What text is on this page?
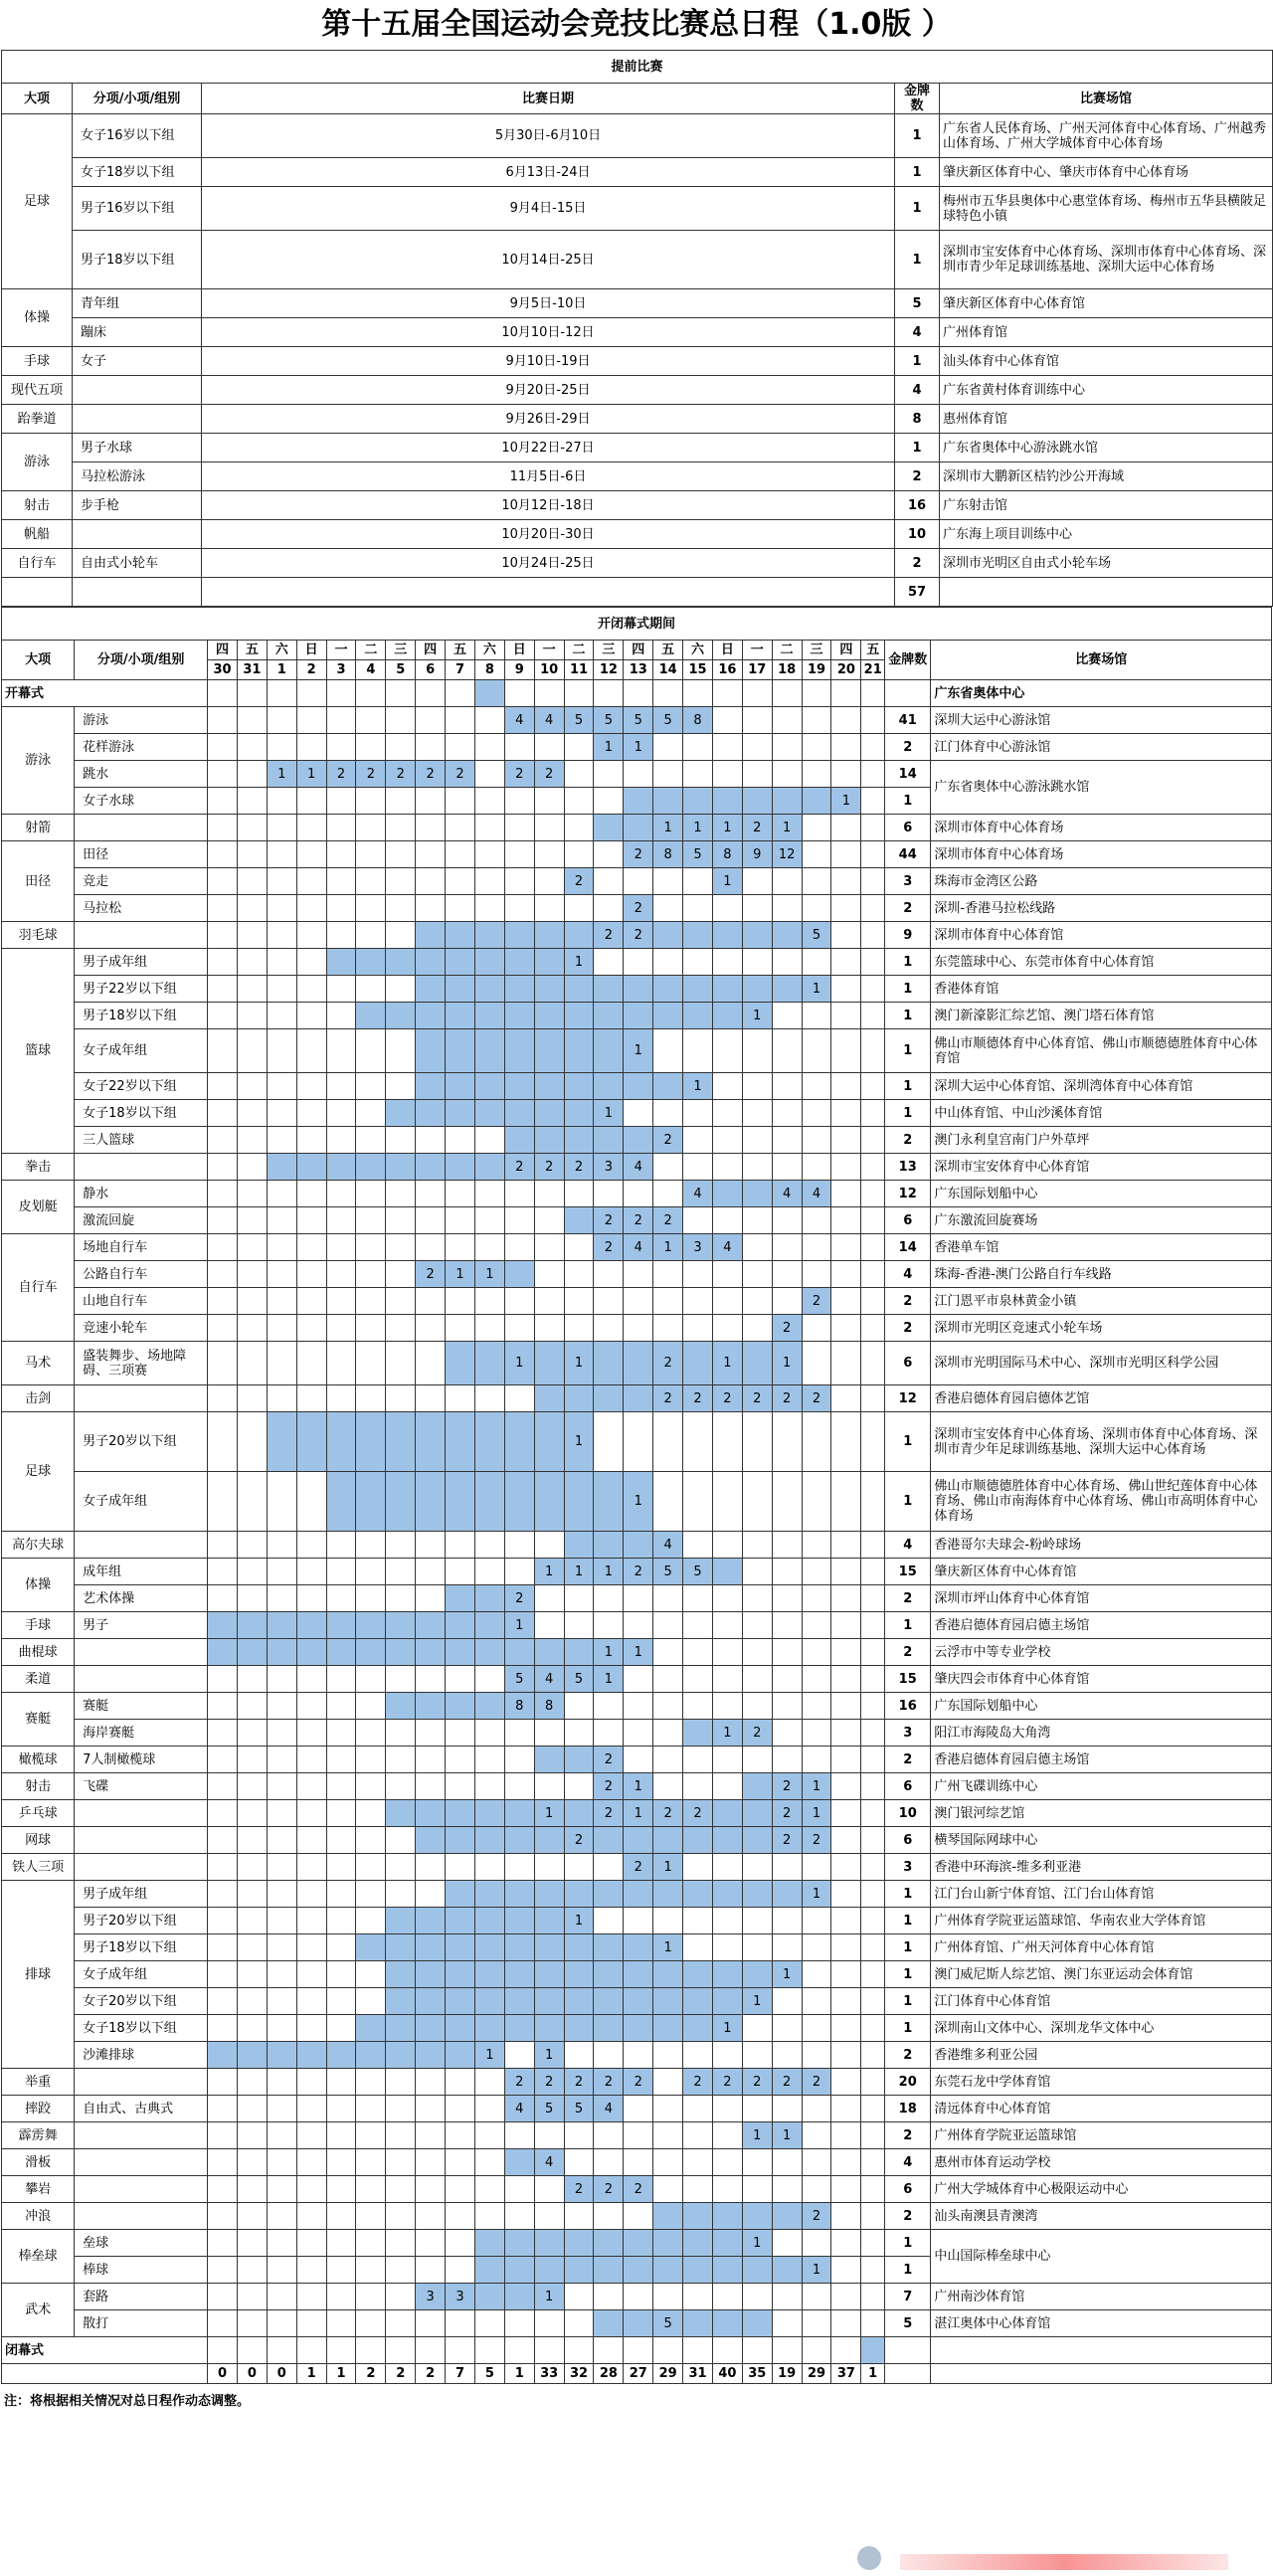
第十五届全国运动会竞技比赛总日程（1.0版 ）
提前比赛				
大项	分项/小项/组别	比赛日期	金牌数	比赛场馆
足球	女子16岁以下组	5月30日-6月10日	1	广东省人民体育场、广州天河体育中心体育场、广州越秀山体育场、广州大学城体育中心体育场
	女子18岁以下组	6月13日-24日	1	肇庆新区体育中心、肇庆市体育中心体育场
	男子16岁以下组	9月4日-15日	1	梅州市五华县奥体中心惠堂体育场、梅州市五华县横陂足球特色小镇
	男子18岁以下组	10月14日-25日	1	深圳市宝安体育中心体育场、深圳市体育中心体育场、深圳市青少年足球训练基地、深圳大运中心体育场
体操	青年组	9月5日-10日	5	肇庆新区体育中心体育馆
	蹦床	10月10日-12日	4	广州体育馆
手球	女子	9月10日-19日	1	汕头体育中心体育馆
现代五项		9月20日-25日	4	广东省黄村体育训练中心
跆拳道		9月26日-29日	8	惠州体育馆
游泳	男子水球	10月22日-27日	1	广东省奥体中心游泳跳水馆
	马拉松游泳	11月5日-6日	2	深圳市大鹏新区桔钓沙公开海域
射击	步手枪	10月12日-18日	16	广东射击馆
帆船		10月20日-30日	10	广东海上项目训练中心
自行车	自由式小轮车	10月24日-25日	2	深圳市光明区自由式小轮车场
			57	
开闭幕式期间																										
大项	分项/小项/组别	四	五	六	日	一	二	三	四	五	六	日	一	二	三	四	五	六	日	一	二	三	四	五	金牌数	比赛场馆
		30	31	1	2	3	4	5	6	7	8	9	10	11	12	13	14	15	16	17	18	19	20	21		
开幕式																										广东省奥体中心
游泳	游泳											4	4	5	5	5	5	8							41	深圳大运中心游泳馆
	花样游泳														1	1									2	江门体育中心游泳馆
	跳水			1	1	2	2	2	2	2		2	2												14	广东省奥体中心游泳跳水馆
	女子水球																						1		1	
射箭																	1	1	1	2	1				6	深圳市体育中心体育场
田径	田径															2	8	5	8	9	12				44	深圳市体育中心体育场
	竞走													2					1						3	珠海市金湾区公路
	马拉松															2									2	深圳-香港马拉松线路
羽毛球															2	2						5			9	深圳市体育中心体育馆
篮球	男子成年组													1											1	东莞篮球中心、东莞市体育中心体育馆
	男子22岁以下组																					1			1	香港体育馆
	男子18岁以下组																			1					1	澳门新濠影汇综艺馆、澳门塔石体育馆
	女子成年组															1									1	佛山市顺德体育中心体育馆、佛山市顺德德胜体育中心体育馆
	女子22岁以下组																	1							1	深圳大运中心体育馆、深圳湾体育中心体育馆
	女子18岁以下组														1										1	中山体育馆、中山沙溪体育馆
	三人篮球																2								2	澳门永利皇宫南门户外草坪
拳击												2	2	2	3	4									13	深圳市宝安体育中心体育馆
皮划艇	静水																	4			4	4			12	广东国际划船中心
	激流回旋														2	2	2								6	广东激流回旋赛场
自行车	场地自行车														2	4	1	3	4						14	香港单车馆
	公路自行车								2	1	1														4	珠海-香港-澳门公路自行车线路
	山地自行车																					2			2	江门恩平市泉林黄金小镇
	竞速小轮车																				2				2	深圳市光明区竞速式小轮车场
马术	盛装舞步、场地障碍、三项赛											1		1			2		1		1				6	深圳市光明国际马术中心、深圳市光明区科学公园
击剑																	2	2	2	2	2	2			12	香港启德体育园启德体艺馆
足球	男子20岁以下组													1											1	深圳市宝安体育中心体育场、深圳市体育中心体育场、深圳市青少年足球训练基地、深圳大运中心体育场
	女子成年组															1									1	佛山市顺德德胜体育中心体育场、佛山世纪莲体育中心体育场、佛山市南海体育中心体育场、佛山市高明体育中心体育场
高尔夫球																	4								4	香港哥尔夫球会-粉岭球场
体操	成年组												1	1	1	2	5	5							15	肇庆新区体育中心体育馆
	艺术体操											2													2	深圳市坪山体育中心体育馆
手球	男子											1													1	香港启德体育园启德主场馆
曲棍球															1	1									2	云浮市中等专业学校
柔道												5	4	5	1										15	肇庆四会市体育中心体育馆
赛艇	赛艇											8	8												16	广东国际划船中心
	海岸赛艇																		1	2					3	阳江市海陵岛大角湾
橄榄球	7人制橄榄球														2										2	香港启德体育园启德主场馆
射击	飞碟														2	1					2	1			6	广州飞碟训练中心
乒乓球													1		2	1	2	2			2	1			10	澳门银河综艺馆
网球														2							2	2			6	横琴国际网球中心
铁人三项																2	1								3	香港中环海滨-维多利亚港
排球	男子成年组																					1			1	江门台山新宁体育馆、江门台山体育馆
	男子20岁以下组													1											1	广州体育学院亚运篮球馆、华南农业大学体育馆
	男子18岁以下组																1								1	广州体育馆、广州天河体育中心体育馆
	女子成年组																				1				1	澳门威尼斯人综艺馆、澳门东亚运动会体育馆
	女子20岁以下组																			1					1	江门体育中心体育馆
	女子18岁以下组																		1						1	深圳南山文体中心、深圳龙华文体中心
	沙滩排球										1		1												2	香港维多利亚公园
举重												2	2	2	2	2		2	2	2	2	2			20	东莞石龙中学体育馆
摔跤	自由式、古典式											4	5	5	4										18	清远体育中心体育馆
霹雳舞																				1	1				2	广州体育学院亚运篮球馆
滑板													4												4	惠州市体育运动学校
攀岩														2	2	2									6	广州大学城体育中心极限运动中心
冲浪																						2			2	汕头南澳县青澳湾
棒垒球	垒球																			1					1	中山国际棒垒球中心
	棒球																					1			1	
武术	套路								3	3			1												7	广州南沙体育馆
	散打																5								5	湛江奥体中心体育馆
闭幕式																										
		0	0	0	1	1	2	2	2	7	5	1	33	32	28	27	29	31	40	35	19	29	37	1		
注：将根据相关情况对总日程作动态调整。
